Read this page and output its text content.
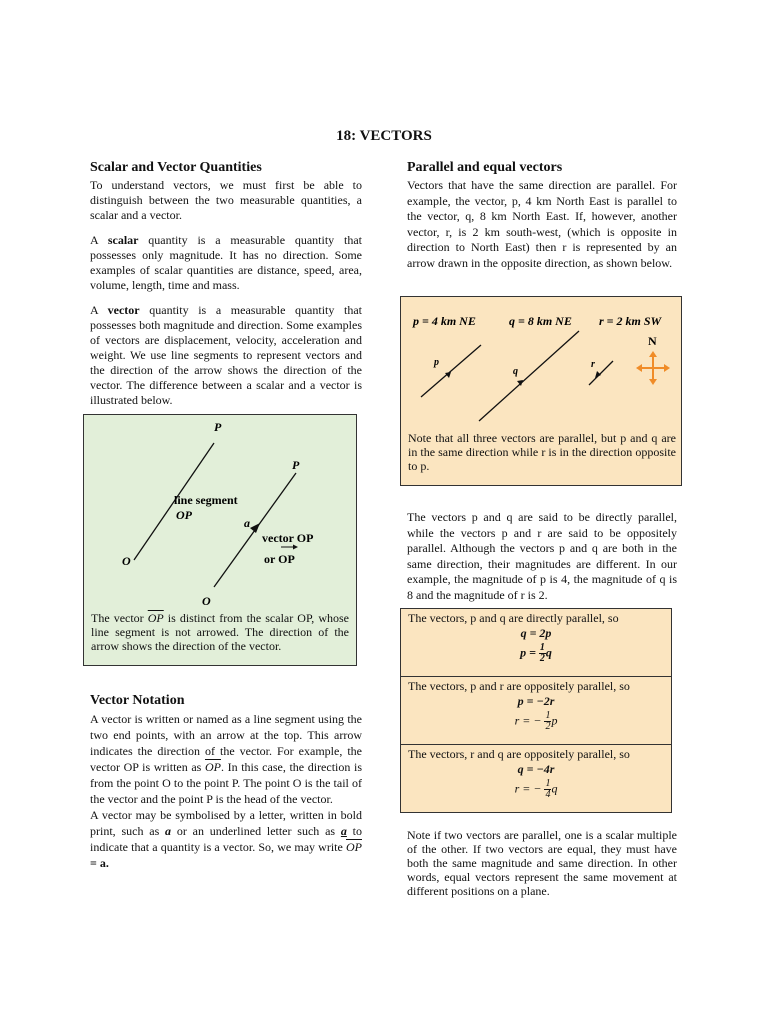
18: VECTORS
Scalar and Vector Quantities

To understand vectors, we must first be able to distinguish between the two measurable quantities, a scalar and a vector.

A scalar quantity is a measurable quantity that possesses only magnitude. It has no direction. Some examples of scalar quantities are distance, speed, area, volume, length, time and mass.

A vector quantity is a measurable quantity that possesses both magnitude and direction. Some examples of vectors are displacement, velocity, acceleration and weight. We use line segments to represent vectors and the direction of the arrow shows the direction of the vector. The difference between a scalar and a vector is illustrated below.

P
P
O
O
a
line segment
OP
vector OP
or OP

The vector $\overline{OP}$ is distinct from the scalar OP, whose line segment is not arrowed. The direction of the arrow shows the direction of the vector.

Vector Notation

A vector is written or named as a line segment using the two end points, with an arrow at the top. This arrow indicates the direction of the vector. For example, the vector OP is written as $\overline{OP}$. In this case, the direction is from the point O to the point P. The point O is the tail of the vector and the point P is the head of the vector.

A vector may be symbolised by a letter, written in bold print, such as a or an underlined letter such as a to indicate that a quantity is a vector. So, we may write $\overline{OP} = a$.

Parallel and equal vectors

Vectors that have the same direction are parallel. For example, the vector, p, 4 km North East is parallel to the vector, q, 8 km North East. If, however, another vector, r, is 2 km south-west, (which is opposite in direction to North East) then r is represented by an arrow drawn in the opposite direction, as shown below.

p = 4 km NE	q = 8 km NE r = 2 km SW
p
q
r
N

Note that all three vectors are parallel, but p and q are in the same direction while r is in the direction opposite to p.

The vectors p and q are said to be directly parallel, while the vectors p and r are said to be oppositely parallel. Although the vectors p and q are both in the same direction, their magnitudes are different. In our example, the magnitude of p is 4, the magnitude of q is 8 and the magnitude of r is 2.

The vectors, p and q are directly parallel, so
q = 2p
$p = \frac{1}{2}$ q
The vectors, p and r are oppositely parallel, so
p = −2r
r = − $\frac{1}{2}$ p
The vectors, r and q are oppositely parallel, so
q = −4r
r = − $\frac{1}{4}$ q

Note if two vectors are parallel, one is a scalar multiple of the other. If two vectors are equal, they must have both the same magnitude and same direction. In other words, equal vectors represent the same movement at different positions on a plane.
